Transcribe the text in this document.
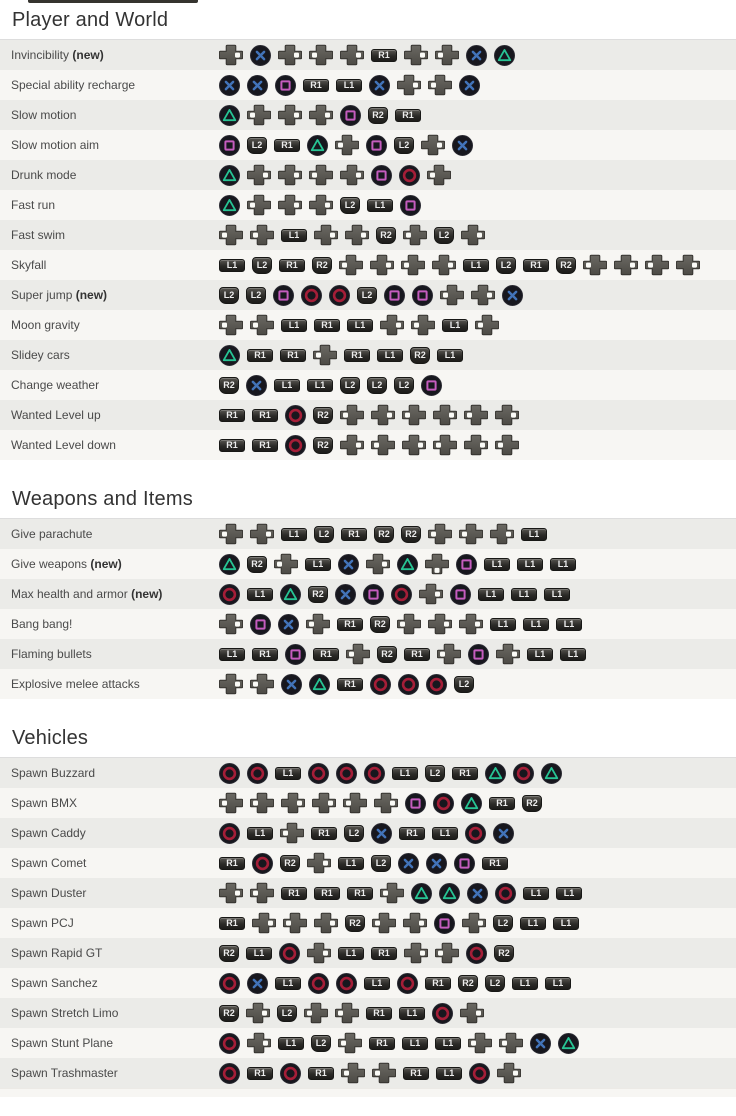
Player and World
Invincibility (new)	R1
Special ability recharge	R1	L1
Slow motion	R2	R1
Slow motion aim	L2	R1	L2
Drunk mode
Fast run	L2	L1
Fast swim	L1	R2	L2
Skyfall	L1	L2	R1	R2	L1	L2	R1	R2
Super jump (new)	L2	L2	L2
Moon gravity	L1	R1	L1	L1
Slidey cars	R1	R1	R1	L1	R2	L1
Change weather	R2	L1	L1	L2	L2	L2
Wanted Level up	R1	R1	R2
Wanted Level down	R1	R1	R2
Weapons and Items
Give parachute	L1	L2	R1	R2	R2	L1
Give weapons (new)	R2	L1	L1	L1	L1
Max health and armor (new)	L1	R2	L1	L1	L1
Bang bang!	R1	R2	L1	L1	L1
Flaming bullets	L1	R1	R1	R2	R1	L1	L1
Explosive melee attacks	R1	L2
Vehicles
Spawn Buzzard	L1	L1	L2	R1
Spawn BMX	R1	R2
Spawn Caddy	L1	R1	L2	R1	L1
Spawn Comet	R1	R2	L1	L2	R1
Spawn Duster	R1	R1	R1	L1	L1
Spawn PCJ	R1	R2	L2	L1	L1
Spawn Rapid GT	R2	L1	L1	R1	R2
Spawn Sanchez	L1	L1	R1	R2	L2	L1	L1
Spawn Stretch Limo	R2	L2	R1	L1
Spawn Stunt Plane	L1	L2	R1	L1	L1
Spawn Trashmaster	R1	R1	R1	L1
